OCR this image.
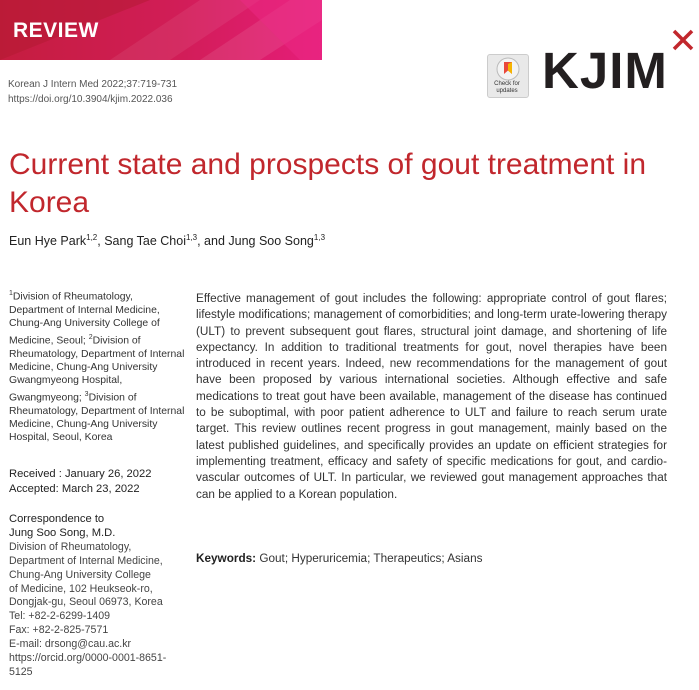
REVIEW
Korean J Intern Med 2022;37:719-731
https://doi.org/10.3904/kjim.2022.036
Check for
updates KJIM
Current state and prospects of gout treatment in Korea
Eun Hye Park$^{1,2}$, Sang Tae Choi$^{1,3}$, and Jung Soo Song$^{1,3}$
$^1$Division of Rheumatology, Department of Internal Medicine, Chung-Ang University College of Medicine, Seoul; $^2$Division of Rheumatology, Department of Internal Medicine, Chung-Ang University Gwangmyeong Hospital, Gwangmyeong; $^3$Division of Rheumatology, Department of Internal Medicine, Chung-Ang University Hospital, Seoul, Korea
Received : January 26, 2022
Accepted: March 23, 2022
Correspondence to
Jung Soo Song, M.D.
Division of Rheumatology,
Department of Internal Medicine,
Chung-Ang University College
of Medicine, 102 Heukseok-ro,
Dongjak-gu, Seoul 06973, Korea
Tel: +82-2-6299-1409
Fax: +82-2-825-7571
E-mail: drsong@cau.ac.kr
https://orcid.org/0000-0001-8651-
5125

Effective management of gout includes the following: appropriate control of gout flares; lifestyle modifications; management of comorbidities; and long-term urate-lowering therapy (ULT) to prevent subsequent gout flares, structural joint damage, and shortening of life expectancy. In addition to traditional treatments for gout, novel therapies have been introduced in recent years. Indeed, new recommendations for the management of gout have been proposed by various international societies. Although effective and safe medications to treat gout have been available, management of the disease has continued to be suboptimal, with poor patient adherence to ULT and failure to reach serum urate target. This review outlines recent progress in gout management, mainly based on the latest published guidelines, and specifically provides an update on efficient strategies for implementing treatment, efficacy and safety of specific medications for gout, and cardio-vascular outcomes of ULT. In particular, we reviewed gout management approaches that can be applied to a Korean population.

Keywords: Gout; Hyperuricemia; Therapeutics; Asians
